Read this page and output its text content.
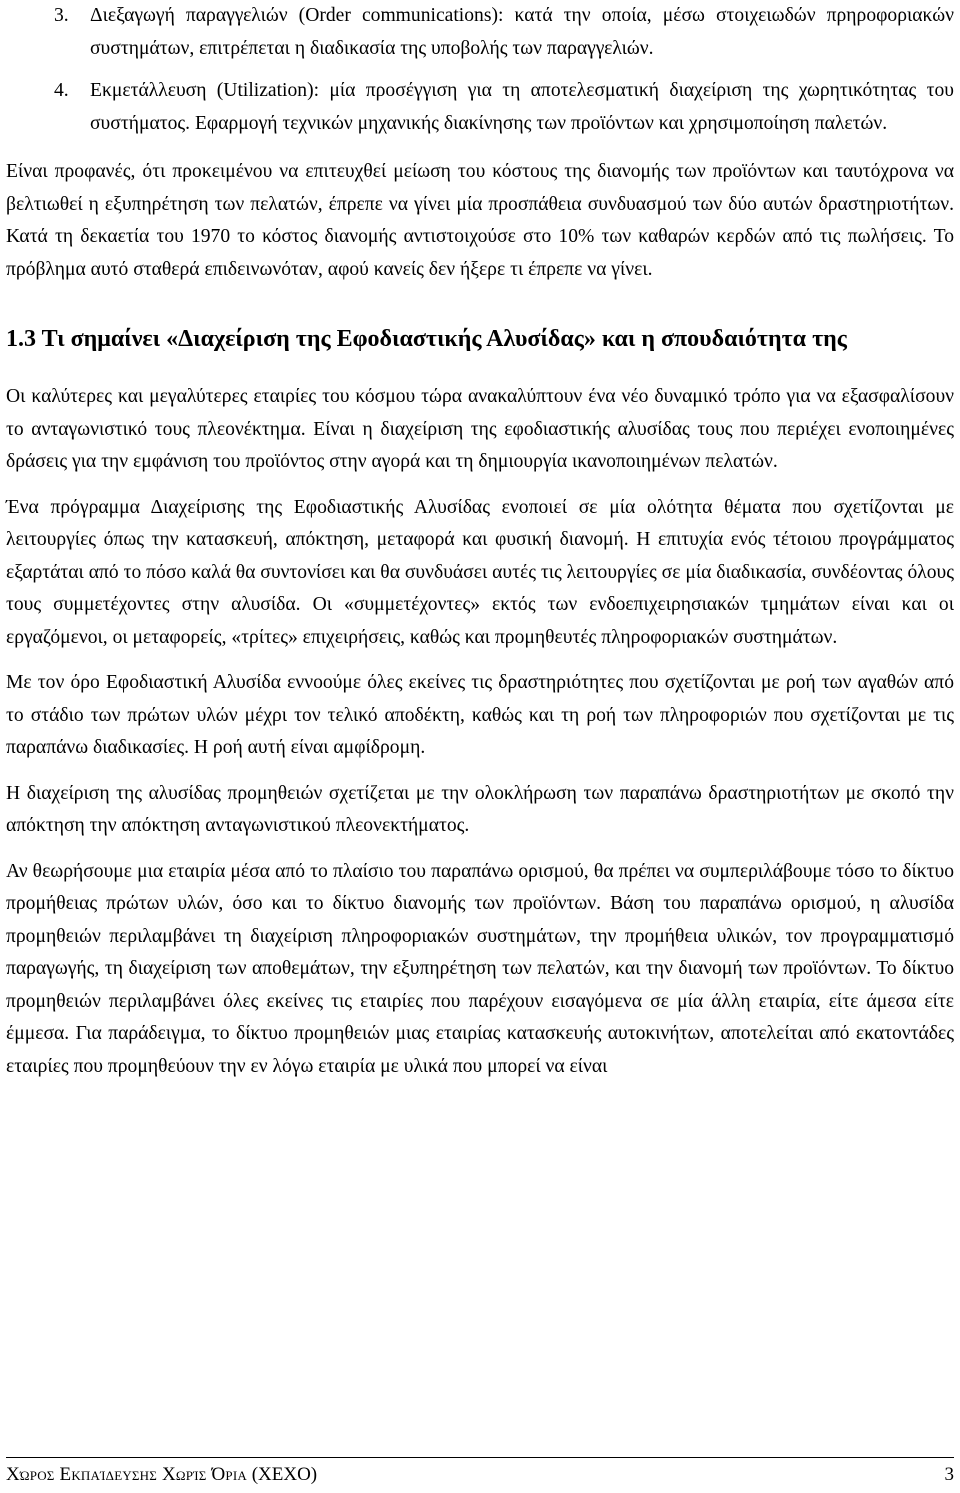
3. Διεξαγωγή παραγγελιών (Order communications): κατά την οποία, μέσω στοιχειωδών πρηροφοριακών συστημάτων, επιτρέπεται η διαδικασία της υποβολής των παραγγελιών.
4. Εκμετάλλευση (Utilization): μία προσέγγιση για τη αποτελεσματική διαχείριση της χωρητικότητας του συστήματος. Εφαρμογή τεχνικών μηχανικής διακίνησης των προϊόντων και χρησιμοποίηση παλετών.

Είναι προφανές, ότι προκειμένου να επιτευχθεί μείωση του κόστους της διανομής των προϊόντων και ταυτόχρονα να βελτιωθεί η εξυπηρέτηση των πελατών, έπρεπε να γίνει μία προσπάθεια συνδυασμού των δύο αυτών δραστηριοτήτων. Κατά τη δεκαετία του 1970 το κόστος διανομής αντιστοιχούσε στο 10% των καθαρών κερδών από τις πωλήσεις. Το πρόβλημα αυτό σταθερά επιδεινωνόταν, αφού κανείς δεν ήξερε τι έπρεπε να γίνει.

1.3 Τι σημαίνει «Διαχείριση της Εφοδιαστικής Αλυσίδας» και η σπουδαιότητα της

Οι καλύτερες και μεγαλύτερες εταιρίες του κόσμου τώρα ανακαλύπτουν ένα νέο δυναμικό τρόπο για να εξασφαλίσουν το ανταγωνιστικό τους πλεονέκτημα. Είναι η διαχείριση της εφοδιαστικής αλυσίδας τους που περιέχει ενοποιημένες δράσεις για την εμφάνιση του προϊόντος στην αγορά και τη δημιουργία ικανοποιημένων πελατών.

Ένα πρόγραμμα Διαχείρισης της Εφοδιαστικής Αλυσίδας ενοποιεί σε μία ολότητα θέματα που σχετίζονται με λειτουργίες όπως την κατασκευή, απόκτηση, μεταφορά και φυσική διανομή. Η επιτυχία ενός τέτοιου προγράμματος εξαρτάται από το πόσο καλά θα συντονίσει και θα συνδυάσει αυτές τις λειτουργίες σε μία διαδικασία, συνδέοντας όλους τους συμμετέχοντες στην αλυσίδα. Οι «συμμετέχοντες» εκτός των ενδοεπιχειρησιακών τμημάτων είναι και οι εργαζόμενοι, οι μεταφορείς, «τρίτες» επιχειρήσεις, καθώς και προμηθευτές πληροφοριακών συστημάτων.

Με τον όρο Εφοδιαστική Αλυσίδα εννοούμε όλες εκείνες τις δραστηριότητες που σχετίζονται με ροή των αγαθών από το στάδιο των πρώτων υλών μέχρι τον τελικό αποδέκτη, καθώς και τη ροή των πληροφοριών που σχετίζονται με τις παραπάνω διαδικασίες. Η ροή αυτή είναι αμφίδρομη.

Η διαχείριση της αλυσίδας προμηθειών σχετίζεται με την ολοκλήρωση των παραπάνω δραστηριοτήτων με σκοπό την απόκτηση την απόκτηση ανταγωνιστικού πλεονεκτήματος.

Αν θεωρήσουμε μια εταιρία μέσα από το πλαίσιο του παραπάνω ορισμού, θα πρέπει να συμπεριλάβουμε τόσο το δίκτυο προμήθειας πρώτων υλών, όσο και το δίκτυο διανομής των προϊόντων. Βάση του παραπάνω ορισμού, η αλυσίδα προμηθειών περιλαμβάνει τη διαχείριση πληροφοριακών συστημάτων, την προμήθεια υλικών, τον προγραμματισμό παραγωγής, τη διαχείριση των αποθεμάτων, την εξυπηρέτηση των πελατών, και την διανομή των προϊόντων. Το δίκτυο προμηθειών περιλαμβάνει όλες εκείνες τις εταιρίες που παρέχουν εισαγόμενα σε μία άλλη εταιρία, είτε άμεσα είτε έμμεσα. Για παράδειγμα, το δίκτυο προμηθειών μιας εταιρίας κατασκευής αυτοκινήτων, αποτελείται από εκατοντάδες εταιρίες που προμηθεύουν την εν λόγω εταιρία με υλικά που μπορεί να είναι

Χώρος Εκπαίδευσης Χωρίς Όρια (ΧΕΧΟ)	3
